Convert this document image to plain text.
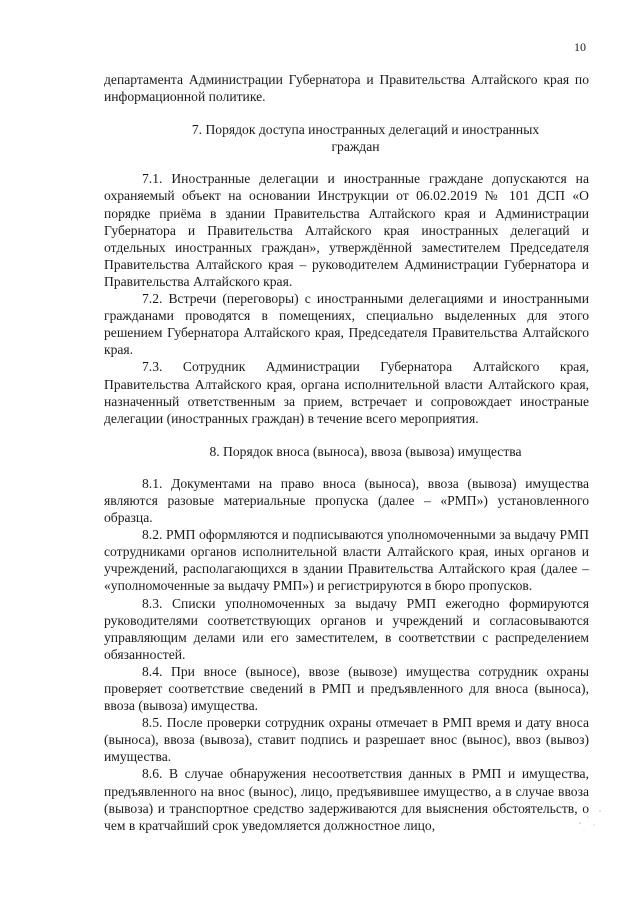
10

департамента Администрации Губернатора и Правительства Алтайского края по информационной политике.

7. Порядок доступа иностранных делегаций и иностранных

граждан

7.1. Иностранные делегации и иностранные граждане допускаются на охраняемый объект на основании Инструкции от 06.02.2019 № 101 ДСП «О порядке приёма в здании Правительства Алтайского края и Администрации Губернатора и Правительства Алтайского края иностранных делегаций и отдельных иностранных граждан», утверждённой заместителем Председателя Правительства Алтайского края – руководителем Администрации Губернатора и Правительства Алтайского края.

7.2. Встречи (переговоры) с иностранными делегациями и иностранными гражданами проводятся в помещениях, специально выделенных для этого решением Губернатора Алтайского края, Председателя Правительства Алтайского края.

7.3. Сотрудник Администрации Губернатора Алтайского края, Правительства Алтайского края, органа исполнительной власти Алтайского края, назначенный ответственным за прием, встречает и сопровождает иностраные делегации (иностранных граждан) в течение всего мероприятия.

8. Порядок вноса (выноса), ввоза (вывоза) имущества

8.1. Документами на право вноса (выноса), ввоза (вывоза) имущества являются разовые материальные пропуска (далее – «РМП») установленного образца.

8.2. РМП оформляются и подписываются уполномоченными за выдачу РМП сотрудниками органов исполнительной власти Алтайского края, иных органов и учреждений, располагающихся в здании Правительства Алтайского края (далее – «уполномоченные за выдачу РМП») и регистрируются в бюро пропусков.

8.3. Списки уполномоченных за выдачу РМП ежегодно формируются руководителями соответствующих органов и учреждений и согласовываются управляющим делами или его заместителем, в соответствии с распределением обязанностей.

8.4. При вносе (выносе), ввозе (вывозе) имущества сотрудник охраны проверяет соответствие сведений в РМП и предъявленного для вноса (выноса), ввоза (вывоза) имущества.

8.5. После проверки сотрудник охраны отмечает в РМП время и дату вноса (выноса), ввоза (вывоза), ставит подпись и разрешает внос (вынос), ввоз (вывоз) имущества.

8.6. В случае обнаружения несоответствия данных в РМП и имущества, предъявленного на внос (вынос), лицо, предъявившее имущество, а в случае ввоза (вывоза) и транспортное средство задерживаются для выяснения обстоятельств, о чем в кратчайший срок уведомляется должностное лицо,
